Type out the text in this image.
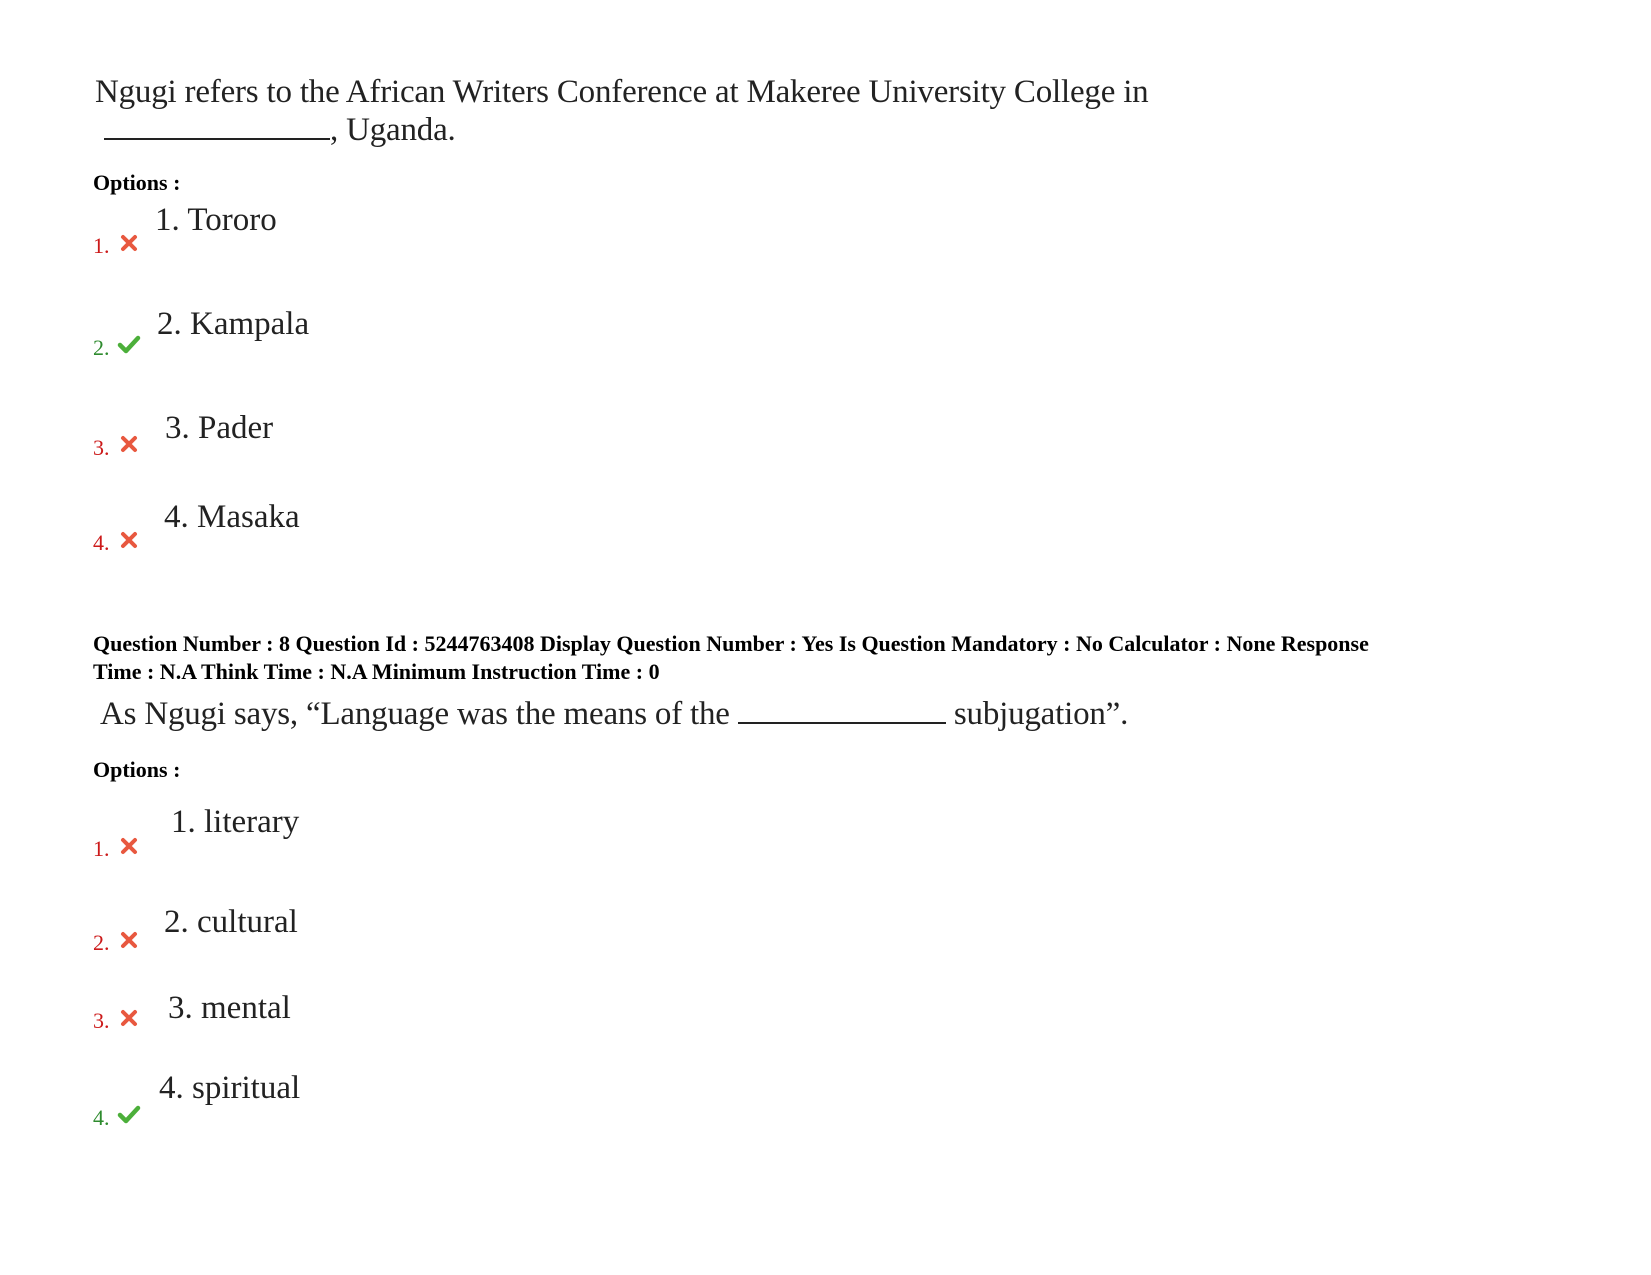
Ngugi refers to the African Writers Conference at Makeree University College in
, Uganda.
Options :
1.
1. Tororo
2.
2. Kampala
3.
3. Pader
4.
4. Masaka
Question Number : 8 Question Id : 5244763408 Display Question Number : Yes Is Question Mandatory : No Calculator : None Response
Time : N.A Think Time : N.A Minimum Instruction Time : 0
As Ngugi says, “Language was the means of the	subjugation”.
Options :
1.
1. literary
2.
2. cultural
3. 3. mental
4.
4. spiritual
